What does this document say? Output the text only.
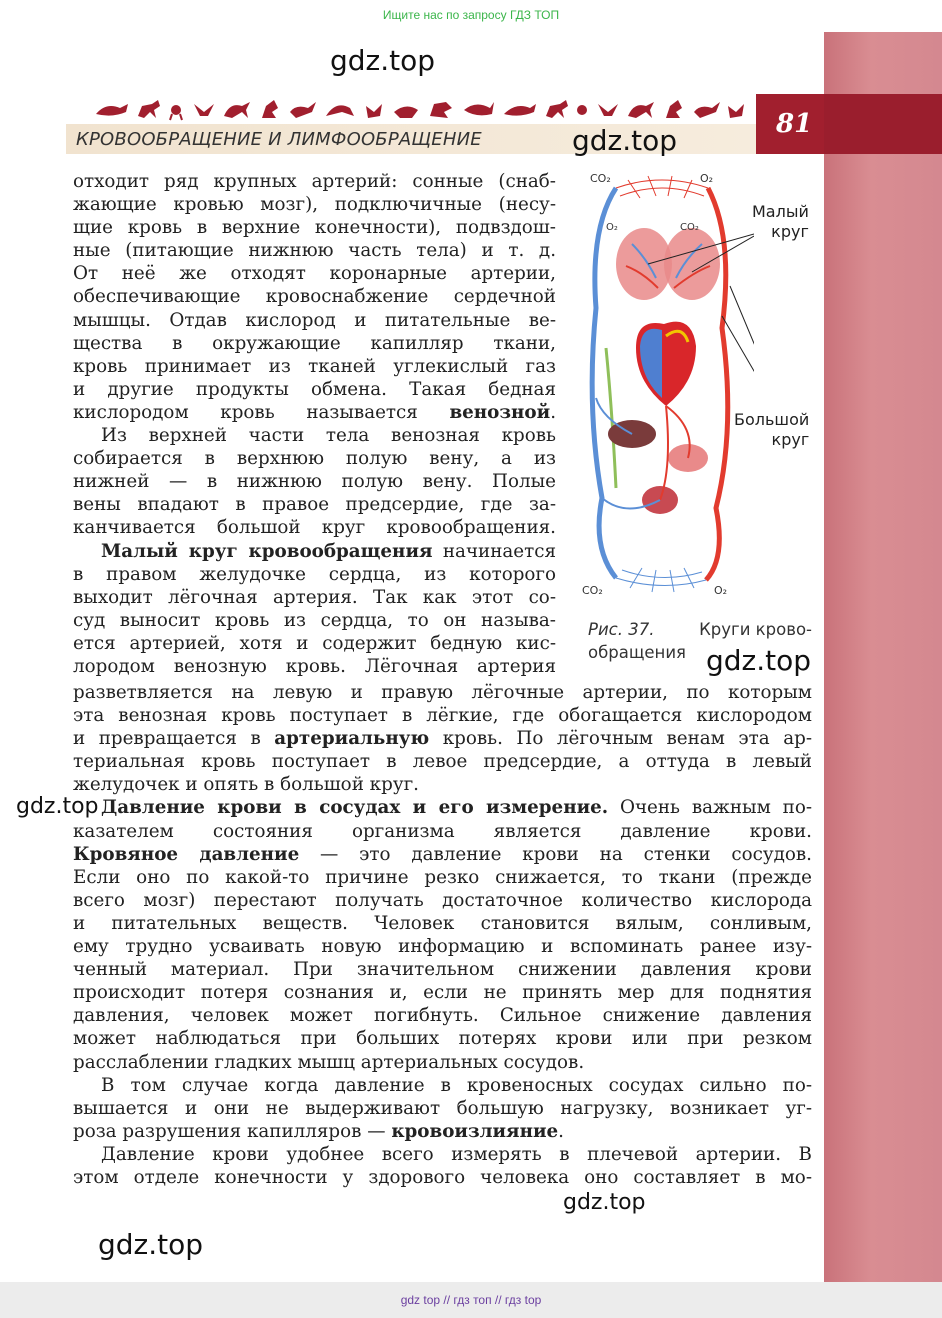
Ищите нас по запросу ГДЗ ТОП
КРОВООБРАЩЕНИЕ И ЛИМФООБРАЩЕНИЕ
81
gdz.top
gdz.top
gdz.top
gdz.top
gdz.top
gdz.top
CO₂	O₂
O₂	CO₂
CO₂	O₂
Малый
круг
Большой
круг
Рис. 37.	Круги крово-
обращения
отходит ряд крупных артерий: сонные (снаб-
жающие кровью мозг), подключичные (несу-
щие кровь в верхние конечности), подвздош-
ные (питающие нижнюю часть тела) и т. д.
От неё же отходят коронарные артерии,
обеспечивающие кровоснабжение сердечной
мышцы. Отдав кислород и питательные ве-
щества в окружающие капилляр ткани,
кровь принимает из тканей углекислый газ
и другие продукты обмена. Такая бедная
кислородом кровь называется венозной.
Из верхней части тела венозная кровь
собирается в верхнюю полую вену, а из
нижней — в нижнюю полую вену. Полые
вены впадают в правое предсердие, где за-
канчивается большой круг кровообращения.
Малый круг кровообращения начинается
в правом желудочке сердца, из которого
выходит лёгочная артерия. Так как этот со-
суд выносит кровь из сердца, то он называ-
ется артерией, хотя и содержит бедную кис-
лородом венозную кровь. Лёгочная артерия
разветвляется на левую и правую лёгочные артерии, по которым
эта венозная кровь поступает в лёгкие, где обогащается кислородом
и превращается в артериальную кровь. По лёгочным венам эта ар-
териальная кровь поступает в левое предсердие, а оттуда в левый
желудочек и опять в большой круг.
Давление крови в сосудах и его измерение. Очень важным по-
казателем состояния организма является давление крови.
Кровяное давление — это давление крови на стенки сосудов.
Если оно по какой-то причине резко снижается, то ткани (прежде
всего мозг) перестают получать достаточное количество кислорода
и питательных веществ. Человек становится вялым, сонливым,
ему трудно усваивать новую информацию и вспоминать ранее изу-
ченный материал. При значительном снижении давления крови
происходит потеря сознания и, если не принять мер для поднятия
давления, человек может погибнуть. Сильное снижение давления
может наблюдаться при больших потерях крови или при резком
расслаблении гладких мышц артериальных сосудов.
В том случае когда давление в кровеносных сосудах сильно по-
вышается и они не выдерживают большую нагрузку, возникает уг-
роза разрушения капилляров — кровоизлияние.
Давление крови удобнее всего измерять в плечевой артерии. В
этом отделе конечности у здорового человека оно составляет в мо-
gdz top // гдз топ // гдз top
